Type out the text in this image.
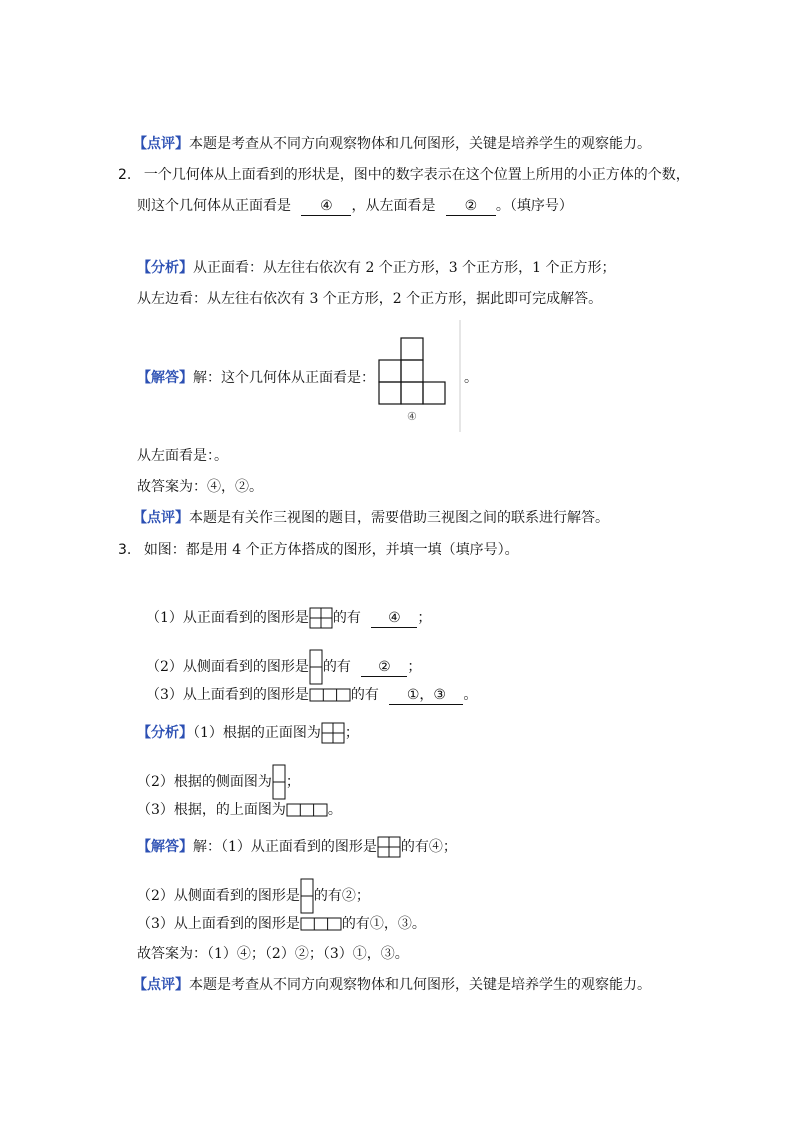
【点评】本题是考查从不同方向观察物体和几何图形，关键是培养学生的观察能力。
2. 一个几何体从上面看到的形状是，图中的数字表示在这个位置上所用的小正方体的个数，
则这个几何体从正面看是 ④ ，从左面看是 ② 。（填序号）
【分析】从正面看：从左往右依次有 2 个正方形，3 个正方形，1 个正方形；
从左边看：从左往右依次有 3 个正方形，2 个正方形，据此即可完成解答。
【解答】解：这个几何体从正面看是：
④
。
从左面看是：。
故答案为：④，②。
【点评】本题是有关作三视图的题目，需要借助三视图之间的联系进行解答。
3. 如图：都是用 4 个正方体搭成的图形，并填一填（填序号）。
（1）从正面看到的图形是 的有 ④ ；
（2）从侧面看到的图形是 的有 ② ；
（3）从上面看到的图形是	的有 ①，③ 。
【分析】（1）根据的正面图为 ；
（2）根据的侧面图为 ；
（3）根据，的上面图为	。
【解答】解：（1）从正面看到的图形是 的有④；
（2）从侧面看到的图形是 的有②；
（3）从上面看到的图形是	的有①，③。
故答案为：（1）④；（2）②；（3）①，③。
【点评】本题是考查从不同方向观察物体和几何图形，关键是培养学生的观察能力。
